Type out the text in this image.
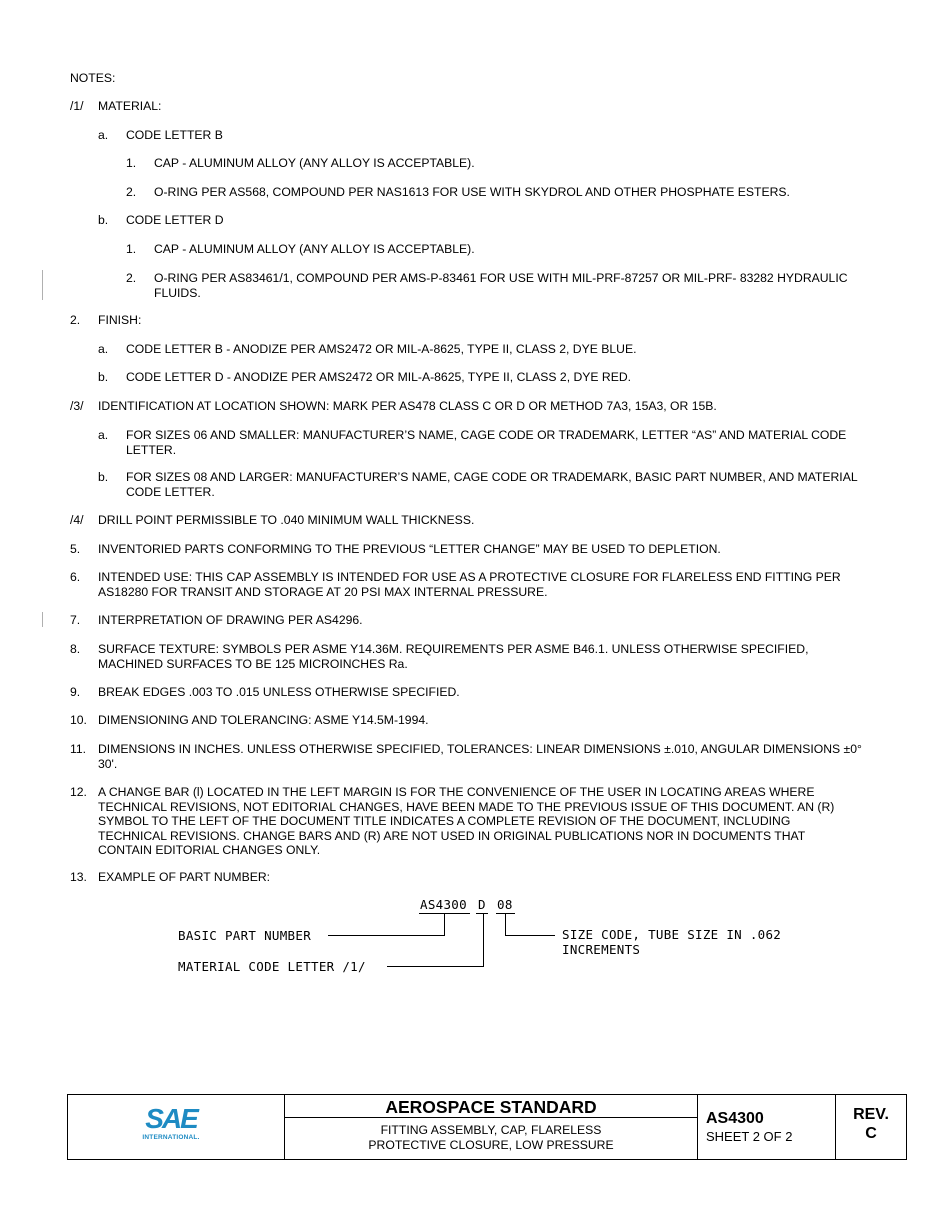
NOTES:
/1/ MATERIAL:
a. CODE LETTER B
1. CAP - ALUMINUM ALLOY (ANY ALLOY IS ACCEPTABLE).
2. O-RING PER AS568, COMPOUND PER NAS1613 FOR USE WITH SKYDROL AND OTHER PHOSPHATE ESTERS.
b. CODE LETTER D
1. CAP - ALUMINUM ALLOY (ANY ALLOY IS ACCEPTABLE).
2. O-RING PER AS83461/1, COMPOUND PER AMS-P-83461 FOR USE WITH MIL-PRF-87257 OR MIL-PRF- 83282 HYDRAULIC FLUIDS.
2. FINISH:
a. CODE LETTER B - ANODIZE PER AMS2472 OR MIL-A-8625, TYPE II, CLASS 2, DYE BLUE.
b. CODE LETTER D - ANODIZE PER AMS2472 OR MIL-A-8625, TYPE II, CLASS 2, DYE RED.
/3/ IDENTIFICATION AT LOCATION SHOWN: MARK PER AS478 CLASS C OR D OR METHOD 7A3, 15A3, OR 15B.
a. FOR SIZES 06 AND SMALLER: MANUFACTURER’S NAME, CAGE CODE OR TRADEMARK, LETTER “AS” AND MATERIAL CODE LETTER.
b. FOR SIZES 08 AND LARGER: MANUFACTURER’S NAME, CAGE CODE OR TRADEMARK, BASIC PART NUMBER, AND MATERIAL CODE LETTER.
/4/ DRILL POINT PERMISSIBLE TO .040 MINIMUM WALL THICKNESS.
5. INVENTORIED PARTS CONFORMING TO THE PREVIOUS “LETTER CHANGE” MAY BE USED TO DEPLETION.
6. INTENDED USE: THIS CAP ASSEMBLY IS INTENDED FOR USE AS A PROTECTIVE CLOSURE FOR FLARELESS END FITTING PER AS18280 FOR TRANSIT AND STORAGE AT 20 PSI MAX INTERNAL PRESSURE.
7. INTERPRETATION OF DRAWING PER AS4296.
8. SURFACE TEXTURE: SYMBOLS PER ASME Y14.36M. REQUIREMENTS PER ASME B46.1. UNLESS OTHERWISE SPECIFIED, MACHINED SURFACES TO BE 125 MICROINCHES Ra.
9. BREAK EDGES .003 TO .015 UNLESS OTHERWISE SPECIFIED.
10. DIMENSIONING AND TOLERANCING: ASME Y14.5M-1994.
11. DIMENSIONS IN INCHES. UNLESS OTHERWISE SPECIFIED, TOLERANCES: LINEAR DIMENSIONS ±.010, ANGULAR DIMENSIONS ±0° 30'.
12. A CHANGE BAR (l) LOCATED IN THE LEFT MARGIN IS FOR THE CONVENIENCE OF THE USER IN LOCATING AREAS WHERE TECHNICAL REVISIONS, NOT EDITORIAL CHANGES, HAVE BEEN MADE TO THE PREVIOUS ISSUE OF THIS DOCUMENT. AN (R) SYMBOL TO THE LEFT OF THE DOCUMENT TITLE INDICATES A COMPLETE REVISION OF THE DOCUMENT, INCLUDING TECHNICAL REVISIONS. CHANGE BARS AND (R) ARE NOT USED IN ORIGINAL PUBLICATIONS NOR IN DOCUMENTS THAT CONTAIN EDITORIAL CHANGES ONLY.
13. EXAMPLE OF PART NUMBER:
AS4300 D 08
BASIC PART NUMBER
MATERIAL CODE LETTER /1/
SIZE CODE, TUBE SIZE IN .062
INCREMENTS
SAE
INTERNATIONAL.
AEROSPACE STANDARD
FITTING ASSEMBLY, CAP, FLARELESS
PROTECTIVE CLOSURE, LOW PRESSURE
AS4300
SHEET 2 OF 2
REV.
C
